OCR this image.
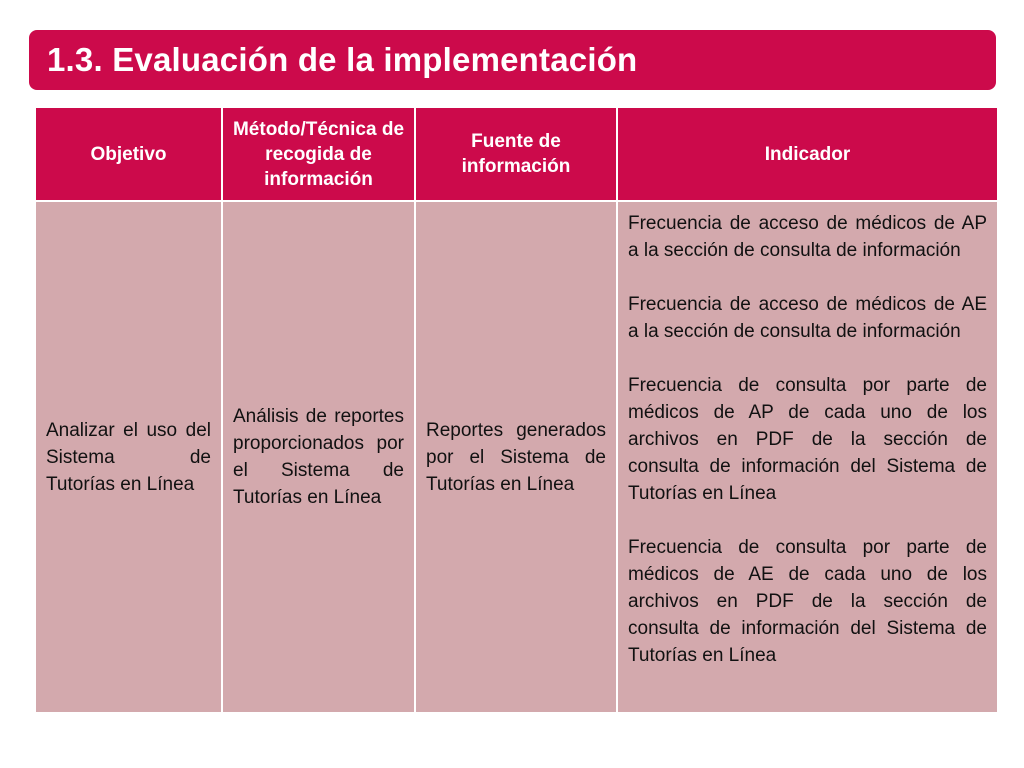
1.3. Evaluación de la implementación
Objetivo	Método/Técnica de recogida de información	Fuente de información	Indicador
Analizar el uso del Sistema de Tutorías en Línea	Análisis de reportes proporcionados por el Sistema de Tutorías en Línea	Reportes generados por el Sistema de Tutorías en Línea	Frecuencia de acceso de médicos de AP a la sección de consulta de información

Frecuencia de acceso de médicos de AE a la sección de consulta de información

Frecuencia de consulta por parte de médicos de AP de cada uno de los archivos en PDF de la sección de consulta de información del Sistema de Tutorías en Línea

Frecuencia de consulta por parte de médicos de AE de cada uno de los archivos en PDF de la sección de consulta de información del Sistema de Tutorías en Línea
